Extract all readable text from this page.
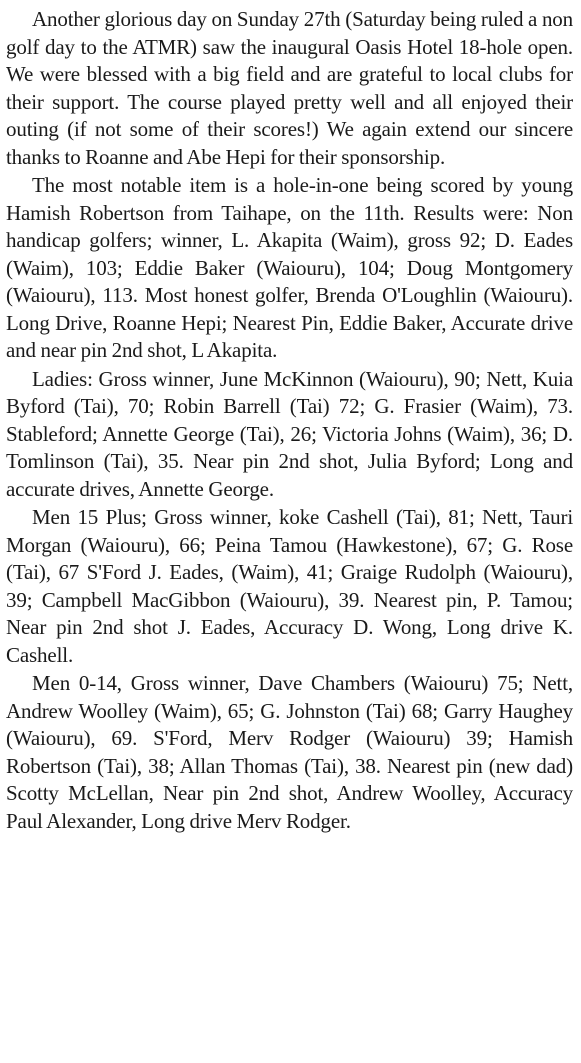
Another glorious day on Sunday 27th (Saturday being ruled a non golf day to the ATMR) saw the inaugural Oasis Hotel 18-hole open. We were blessed with a big field and are grateful to local clubs for their support. The course played pretty well and all enjoyed their outing (if not some of their scores!) We again extend our sincere thanks to Roanne and Abe Hepi for their sponsorship.

The most notable item is a hole-in-one being scored by young Hamish Robertson from Taihape, on the 11th. Results were: Non handicap golfers; winner, L. Akapita (Waim), gross 92; D. Eades (Waim), 103; Eddie Baker (Waiouru), 104; Doug Montgomery (Waiouru), 113. Most honest golfer, Brenda O'Loughlin (Waiouru). Long Drive, Roanne Hepi; Nearest Pin, Eddie Baker, Accurate drive and near pin 2nd shot, L Akapita.

Ladies: Gross winner, June McKinnon (Waiouru), 90; Nett, Kuia Byford (Tai), 70; Robin Barrell (Tai) 72; G. Frasier (Waim), 73. Stableford; Annette George (Tai), 26; Victoria Johns (Waim), 36; D. Tomlinson (Tai), 35. Near pin 2nd shot, Julia Byford; Long and accurate drives, Annette George.

Men 15 Plus; Gross winner, koke Cashell (Tai), 81; Nett, Tauri Morgan (Waiouru), 66; Peina Tamou (Hawkestone), 67; G. Rose (Tai), 67 S'Ford J. Eades, (Waim), 41; Graige Rudolph (Waiouru), 39; Campbell MacGibbon (Waiouru), 39. Nearest pin, P. Tamou; Near pin 2nd shot J. Eades, Accuracy D. Wong, Long drive K. Cashell.

Men 0-14, Gross winner, Dave Chambers (Waiouru) 75; Nett, Andrew Woolley (Waim), 65; G. Johnston (Tai) 68; Garry Haughey (Waiouru), 69. S'Ford, Merv Rodger (Waiouru) 39; Hamish Robertson (Tai), 38; Allan Thomas (Tai), 38. Nearest pin (new dad) Scotty McLellan, Near pin 2nd shot, Andrew Woolley, Accuracy Paul Alexander, Long drive Merv Rodger.
